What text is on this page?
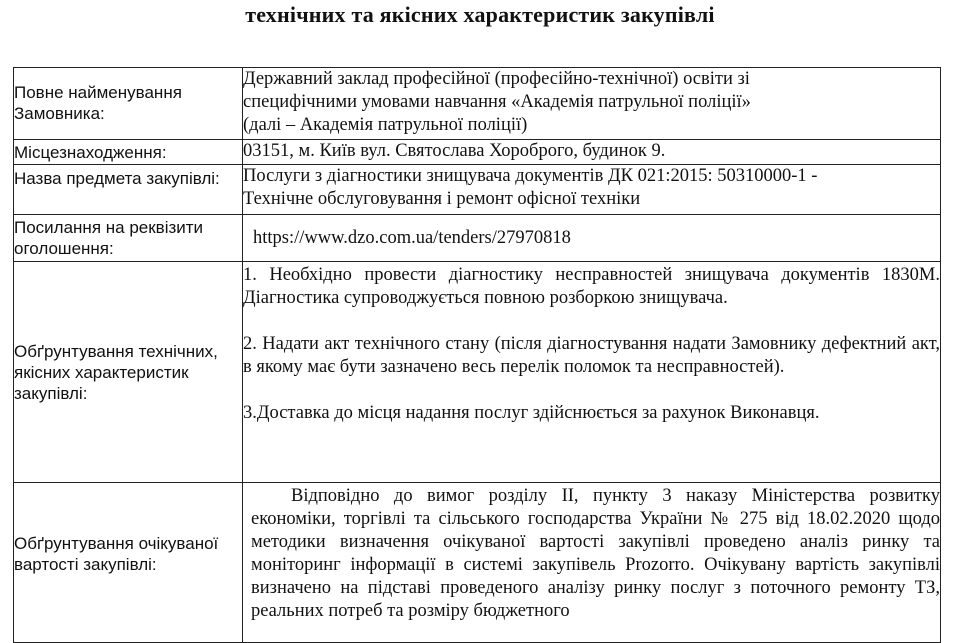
технічних та якісних характеристик закупівлі
Повне найменування Замовника:	Державний заклад професійної (професійно-технічної) освіти зі
специфічними умовами навчання «Академія патрульної поліції»
(далі – Академія патрульної поліції)

Місцезнаходження:	03151, м. Київ вул. Святослава Хороброго, будинок 9.
Назва предмета закупівлі:	Послуги з діагностики знищувача документів ДК 021:2015: 50310000-1 -
Технічне обслуговування і ремонт офісної техніки

Посилання на реквізити оголошення:	https://www.dzo.com.ua/tenders/27970818
Обґрунтування технічних, якісних характеристик закупівлі:	1. Необхідно провести діагностику несправностей знищувача документів 1830М. Діагностика супроводжується повною розборкою знищувача.
2. Надати акт технічного стану (після діагностування надати Замовнику дефектний акт, в якому має бути зазначено весь перелік поломок та несправностей).
3.Доставка до місця надання послуг здійснюється за рахунок Виконавця.

Обґрунтування очікуваної вартості закупівлі:	Відповідно до вимог розділу ІІ, пункту 3 наказу Міністерства розвитку економіки, торгівлі та сільського господарства України № 275 від 18.02.2020 щодо методики визначення очікуваної вартості закупівлі проведено аналіз ринку та моніторинг інформації в системі закупівель Prozorro. Очікувану вартість закупівлі визначено на підставі проведеного аналізу ринку послуг з поточного ремонту ТЗ, реальних потреб та розміру бюджетного
